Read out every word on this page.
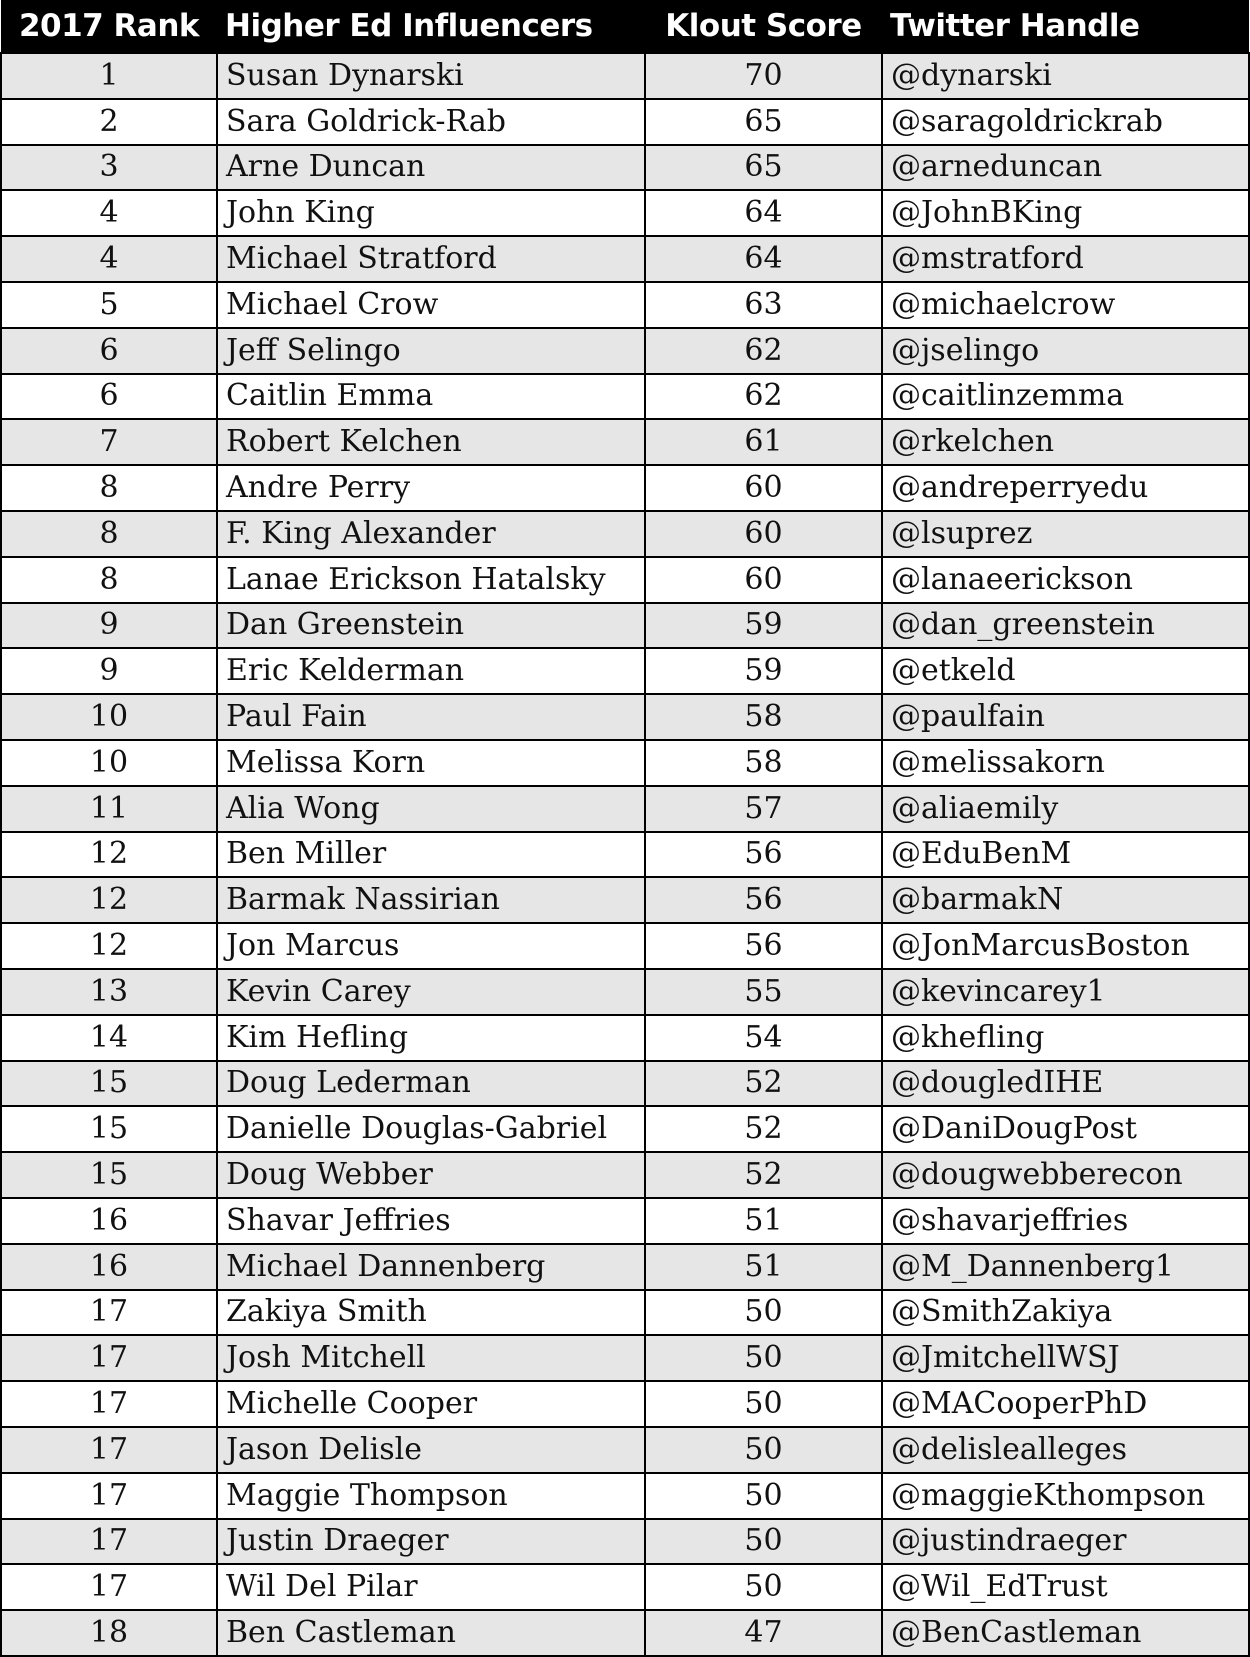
2017 Rank	Higher Ed Influencers	Klout Score	Twitter Handle
1	Susan Dynarski	70	@dynarski
2	Sara Goldrick-Rab	65	@saragoldrickrab
3	Arne Duncan	65	@arneduncan
4	John King	64	@JohnBKing
4	Michael Stratford	64	@mstratford
5	Michael Crow	63	@michaelcrow
6	Jeff Selingo	62	@jselingo
6	Caitlin Emma	62	@caitlinzemma
7	Robert Kelchen	61	@rkelchen
8	Andre Perry	60	@andreperryedu
8	F. King Alexander	60	@lsuprez
8	Lanae Erickson Hatalsky	60	@lanaeerickson
9	Dan Greenstein	59	@dan_greenstein
9	Eric Kelderman	59	@etkeld
10	Paul Fain	58	@paulfain
10	Melissa Korn	58	@melissakorn
11	Alia Wong	57	@aliaemily
12	Ben Miller	56	@EduBenM
12	Barmak Nassirian	56	@barmakN
12	Jon Marcus	56	@JonMarcusBoston
13	Kevin Carey	55	@kevincarey1
14	Kim Hefling	54	@khefling
15	Doug Lederman	52	@dougledIHE
15	Danielle Douglas-Gabriel	52	@DaniDougPost
15	Doug Webber	52	@dougwebberecon
16	Shavar Jeffries	51	@shavarjeffries
16	Michael Dannenberg	51	@M_Dannenberg1
17	Zakiya Smith	50	@SmithZakiya
17	Josh Mitchell	50	@JmitchellWSJ
17	Michelle Cooper	50	@MACooperPhD
17	Jason Delisle	50	@delislealleges
17	Maggie Thompson	50	@maggieKthompson
17	Justin Draeger	50	@justindraeger
17	Wil Del Pilar	50	@Wil_EdTrust
18	Ben Castleman	47	@BenCastleman
